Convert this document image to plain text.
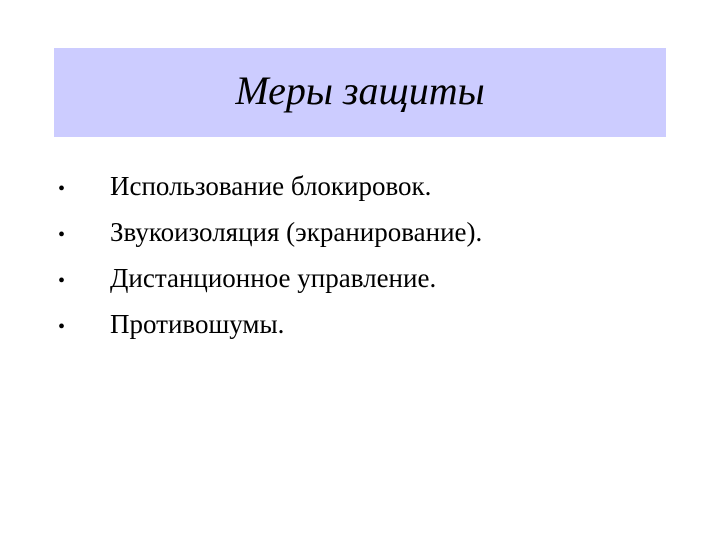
Меры защиты
•	Использование блокировок.
•	Звукоизоляция (экранирование).
•	Дистанционное управление.
•	Противошумы.
